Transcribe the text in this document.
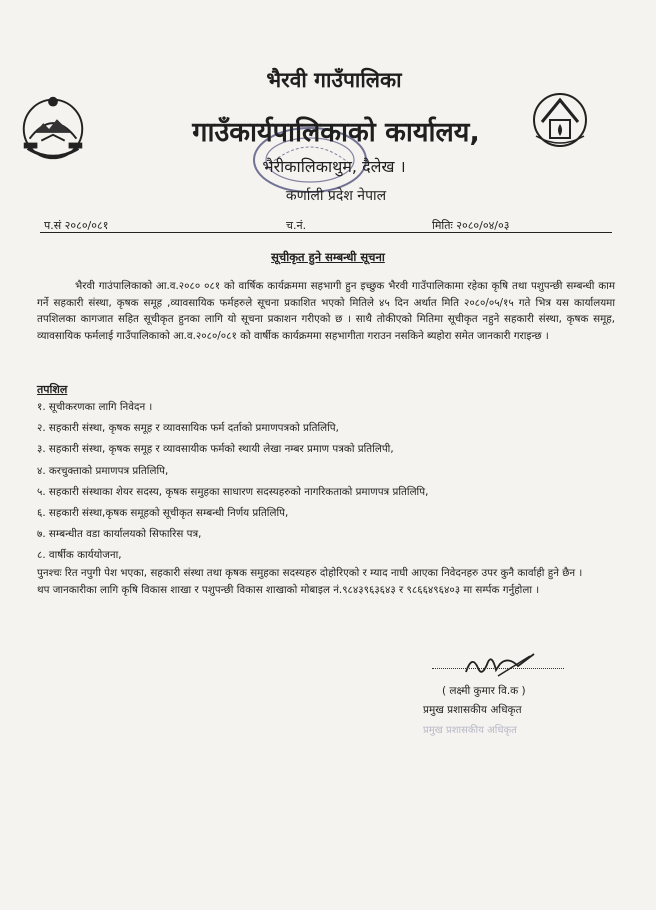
भैरवी गाउँपालिका
गाउँकार्यपालिकाको कार्यालय,
भैरीकालिकाथुम, दैलेख ।
कर्णाली प्रदेश नेपाल
प.सं २०८०/०८१	च.नं.	मितिः २०८०/०४/०३
सूचीकृत हुने सम्बन्धी सूचना
भैरवी गाउंपालिकाको आ.व.२०८० ०८१ को वार्षिक कार्यक्रममा सहभागी हुन इच्छुक भैरवी गाउँपालिकामा रहेका कृषि तथा पशुपन्छी सम्बन्धी काम गर्ने सहकारी संस्था, कृषक समूह ,व्यावसायिक फर्महरुले सूचना प्रकाशित भएको मितिले ४५ दिन अर्थात मिति २०८०/०५/१५ गते भित्र यस कार्यालयमा तपशिलका कागजात सहित सूचीकृत हुनका लागि यो सूचना प्रकाशन गरीएको छ । साथै तोकीएको मितिमा सूचीकृत नहुने सहकारी संस्था, कृषक समूह, व्यावसायिक फर्मलाई गाउँपालिकाको आ.व.२०८०/०८१ को वार्षीक कार्यक्रममा सहभागीता गराउन नसकिने ब्यहोरा समेत जानकारी गराइन्छ ।
तपशिल
१. सूचीकरणका लागि निवेदन ।
२. सहकारी संस्था, कृषक समूह र व्यावसायिक फर्म दर्ताको प्रमाणपत्रको प्रतिलिपि,
३. सहकारी संस्था, कृषक समूह र व्यावसायीक फर्मको स्थायी लेखा नम्बर प्रमाण पत्रको प्रतिलिपी,
४. करचुक्ताको प्रमाणपत्र प्रतिलिपि,
५. सहकारी संस्थाका शेयर सदस्य, कृषक समुहका साधारण सदस्यहरुको नागरिकताको प्रमाणपत्र प्रतिलिपि,
६. सहकारी संस्था,कृषक समूहको सूचीकृत सम्बन्धी निर्णय प्रतिलिपि,
७. सम्बन्धीत वडा कार्यालयको सिफारिस पत्र,
८. वार्षीक कार्ययोजना,

पुनश्चः रित नपुगी पेश भएका, सहकारी संस्था तथा कृषक समुहका सदस्यहरु दोहोरिएको र म्याद नाघी आएका निवेदनहरु उपर कुनै कार्वाही हुने छैन ।

थप जानकारीका लागि कृषि विकास शाखा र पशुपन्छी विकास शाखाको मोबाइल नं.९८४३९६३६४३ र ९८६६४९६४०३ मा सर्म्पक गर्नुहोला ।

( लक्ष्मी कुमार वि.क )
प्रमुख प्रशासकीय अधिकृत
प्रमुख प्रशासकीय अधिकृत
